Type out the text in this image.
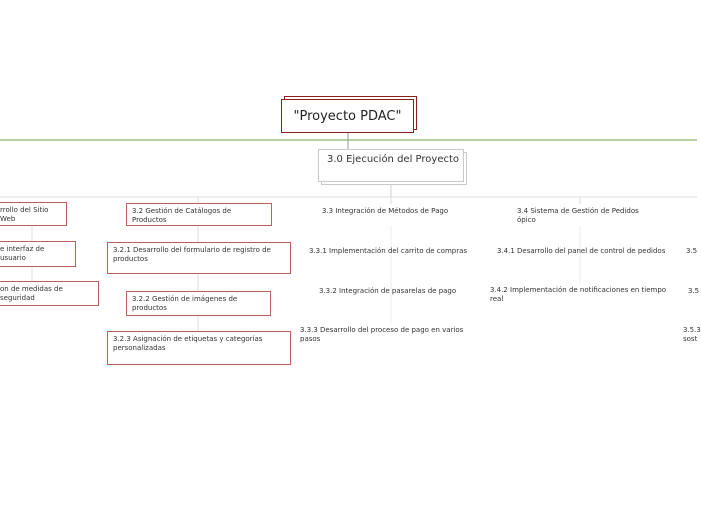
"Proyecto PDAC"
3.0 Ejecución del Proyecto
rrollo del Sitio Web
e interfaz de usuario
on de medidas de seguridad
3.2 Gestión de Catálogos de Productos
3.2.1 Desarrollo del formulario de registro de productos
3.2.2 Gestión de imágenes de productos
3.2.3 Asignación de etiquetas y categorías personalizadas
3.3 Integración de Métodos de Pago
3.3.1 Implementación del carrito de compras
3.3.2 Integración de pasarelas de pago
3.3.3 Desarrollo del proceso de pago en varios pasos
3.4 Sistema de Gestión de Pedidos ópico
3.4.1 Desarrollo del panel de control de pedidos
3.4.2 Implementación de notificaciones en tiempo real
3.5
3.5
3.5.3 sost
